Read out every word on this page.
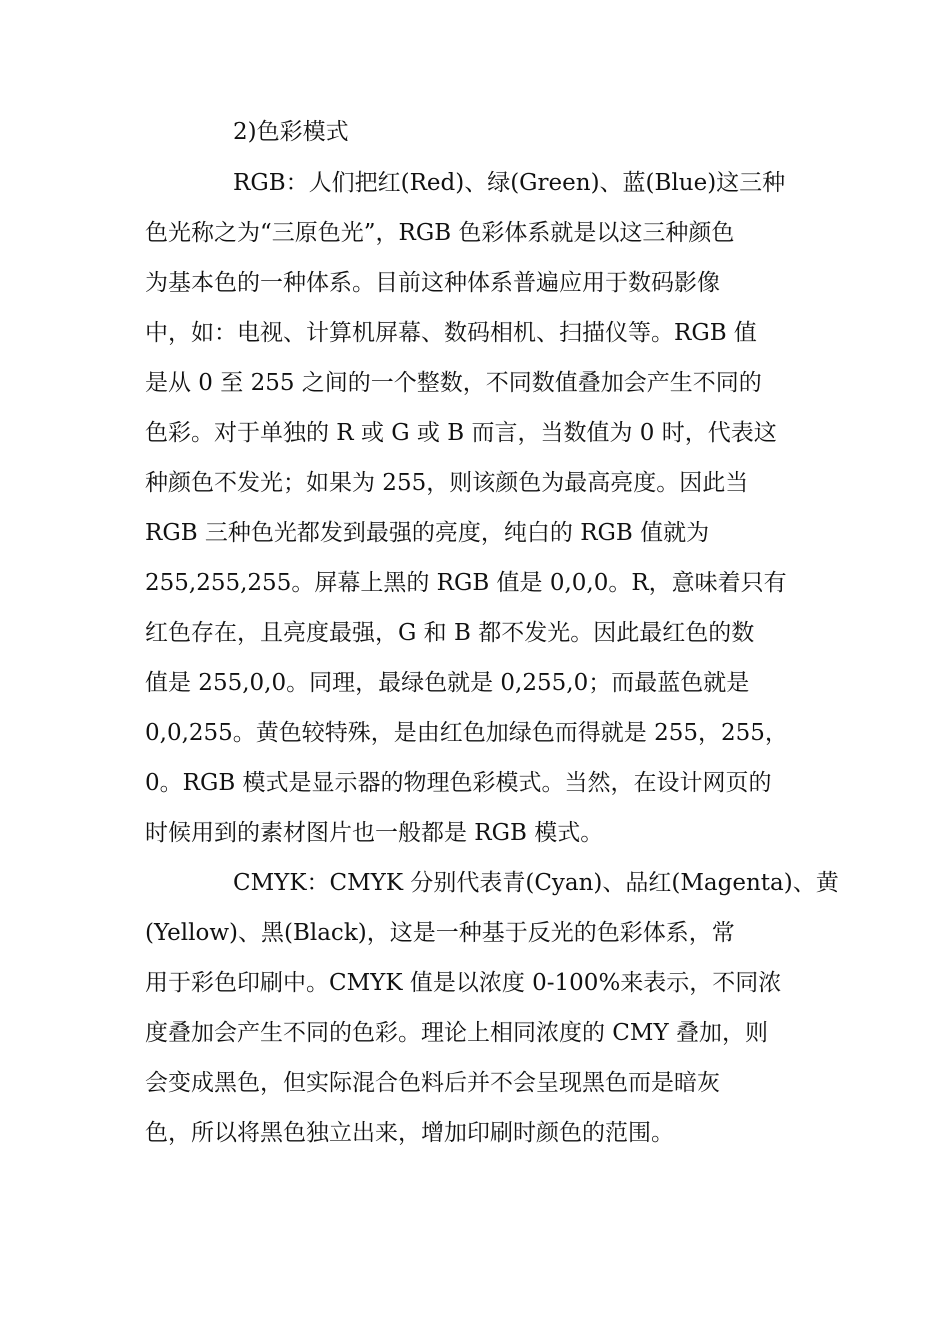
2)色彩模式

RGB：人们把红(Red)、绿(Green)、蓝(Blue)这三种

色光称之为“三原色光”，RGB 色彩体系就是以这三种颜色

为基本色的一种体系。目前这种体系普遍应用于数码影像

中，如：电视、计算机屏幕、数码相机、扫描仪等。RGB 值

是从 0 至 255 之间的一个整数，不同数值叠加会产生不同的

色彩。对于单独的 R 或 G 或 B 而言，当数值为 0 时，代表这

种颜色不发光；如果为 255，则该颜色为最高亮度。因此当

RGB 三种色光都发到最强的亮度，纯白的 RGB 值就为

255,255,255。屏幕上黑的 RGB 值是 0,0,0。R，意味着只有

红色存在，且亮度最强，G 和 B 都不发光。因此最红色的数

值是 255,0,0。同理，最绿色就是 0,255,0；而最蓝色就是

0,0,255。黄色较特殊，是由红色加绿色而得就是 255，255，

0。RGB 模式是显示器的物理色彩模式。当然，在设计网页的

时候用到的素材图片也一般都是 RGB 模式。

CMYK：CMYK 分别代表青(Cyan)、品红(Magenta)、黄

(Yellow)、黑(Black)，这是一种基于反光的色彩体系，常

用于彩色印刷中。CMYK 值是以浓度 0-100%来表示，不同浓

度叠加会产生不同的色彩。理论上相同浓度的 CMY 叠加，则

会变成黑色，但实际混合色料后并不会呈现黑色而是暗灰

色，所以将黑色独立出来，增加印刷时颜色的范围。
